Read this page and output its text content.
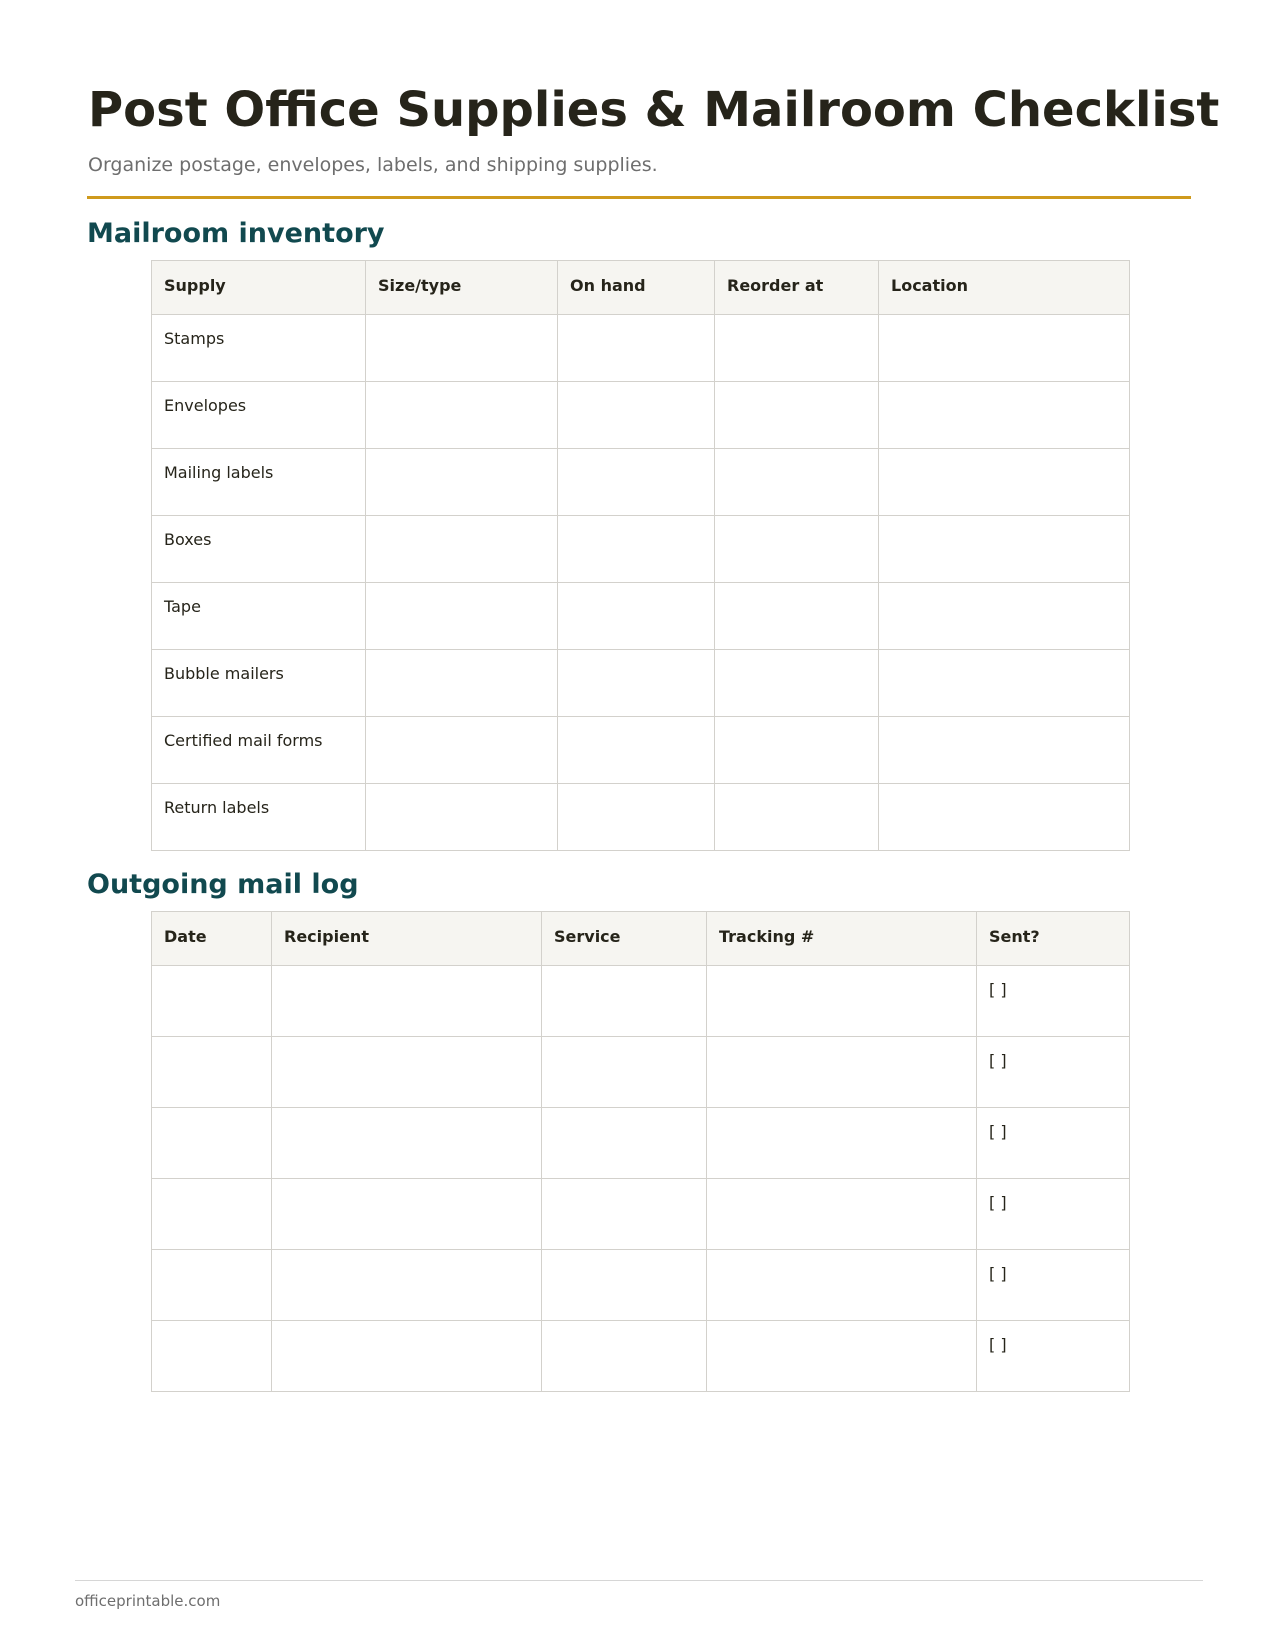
Post Office Supplies & Mailroom Checklist

Organize postage, envelopes, labels, and shipping supplies.

Mailroom inventory
Supply	Size/type	On hand	Reorder at	Location
Stamps				
Envelopes				
Mailing labels				
Boxes				
Tape				
Bubble mailers				
Certified mail forms				
Return labels				
Outgoing mail log
Date	Recipient	Service	Tracking #	Sent?
				[ ]
				[ ]
				[ ]
				[ ]
				[ ]
				[ ]
officeprintable.com
